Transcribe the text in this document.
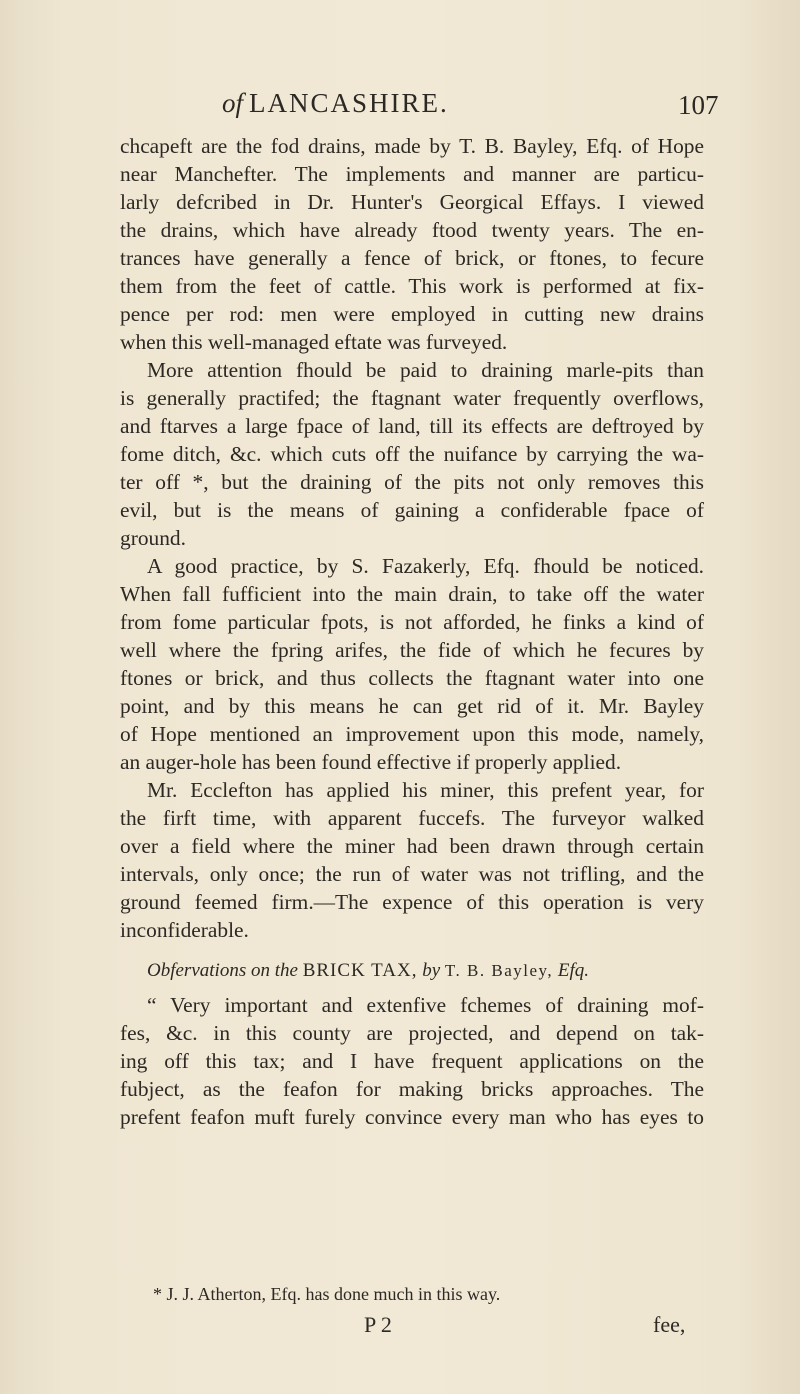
of LANCASHIRE.	107
chcapeft are the fod drains, made by T. B. Bayley, Efq. of Hope
near Manchefter. The implements and manner are particu-
larly defcribed in Dr. Hunter's Georgical Effays. I viewed
the drains, which have already ftood twenty years. The en-
trances have generally a fence of brick, or ftones, to fecure
them from the feet of cattle. This work is performed at fix-
pence per rod: men were employed in cutting new drains
when this well-managed eftate was furveyed.
More attention fhould be paid to draining marle-pits than
is generally practifed; the ftagnant water frequently overflows,
and ftarves a large fpace of land, till its effects are deftroyed by
fome ditch, &c. which cuts off the nuifance by carrying the wa-
ter off *, but the draining of the pits not only removes this
evil, but is the means of gaining a confiderable fpace of
ground.
A good practice, by S. Fazakerly, Efq. fhould be noticed.
When fall fufficient into the main drain, to take off the water
from fome particular fpots, is not afforded, he finks a kind of
well where the fpring arifes, the fide of which he fecures by
ftones or brick, and thus collects the ftagnant water into one
point, and by this means he can get rid of it. Mr. Bayley
of Hope mentioned an improvement upon this mode, namely,
an auger-hole has been found effective if properly applied.
Mr. Ecclefton has applied his miner, this prefent year, for
the firft time, with apparent fuccefs. The furveyor walked
over a field where the miner had been drawn through certain
intervals, only once; the run of water was not trifling, and the
ground feemed firm.—The expence of this operation is very
inconfiderable.
Obfervations on the BRICK TAX, by T. B. Bayley, Efq.
“ Very important and extenfive fchemes of draining mof-
fes, &c. in this county are projected, and depend on tak-
ing off this tax; and I have frequent applications on the
fubject, as the feafon for making bricks approaches. The
prefent feafon muft furely convince every man who has eyes to
* J. J. Atherton, Efq. has done much in this way.
P 2	fee,
